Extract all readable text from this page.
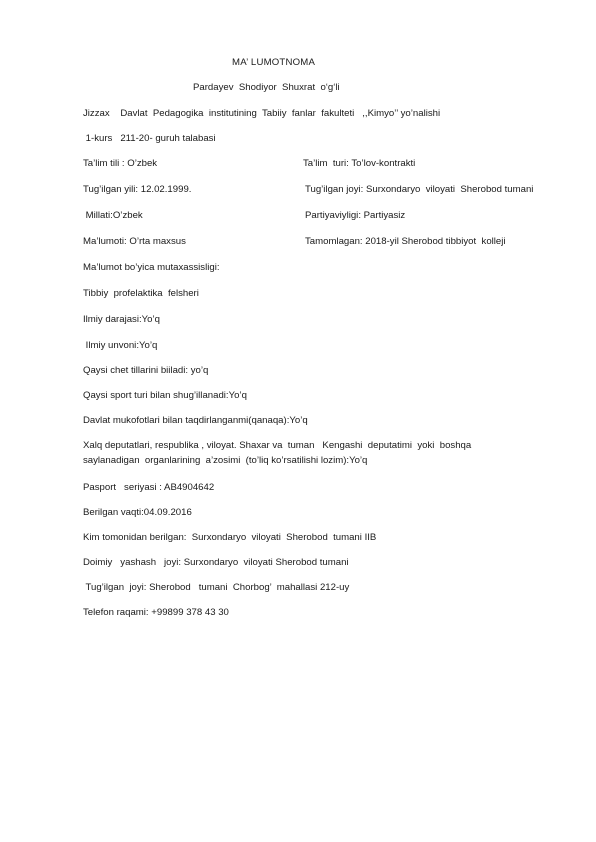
MA’ LUMOTNOMA
Pardayev  Shodiyor  Shuxrat  o‘g‘li
Jizzax    Davlat  Pedagogika  institutining  Tabiiy  fanlar  fakulteti   ,,Kimyo’’ yo’nalishi
1-kurs   211-20- guruh talabasi
Ta’lim tili : O’zbek	Ta’lim  turi: To’lov-kontrakti
Tug’ilgan yili: 12.02.1999.	Tug’ilgan joyi: Surxondaryo  viloyati  Sherobod tumani
Millati:O’zbek	Partiyaviyligi: Partiyasiz
Ma’lumoti: O’rta maxsus	Tamomlagan: 2018-yil Sherobod tibbiyot  kolleji
Ma’lumot bo’yica mutaxassisligi:
Tibbiy  profelaktika  felsheri
Ilmiy darajasi:Yo’q
Ilmiy unvoni:Yo’q
Qaysi chet tillarini biiladi: yo’q
Qaysi sport turi bilan shug’illanadi:Yo’q
Davlat mukofotlari bilan taqdirlanganmi(qanaqa):Yo’q
Xalq deputatlari, respublika , viloyat. Shaxar va  tuman   Kengashi  deputatimi  yoki  boshqa
saylanadigan  organlarining  a’zosimi  (to’liq ko’rsatilishi lozim):Yo’q
Pasport   seriyasi : AB4904642
Berilgan vaqti:04.09.2016
Kim tomonidan berilgan:  Surxondaryo  viloyati  Sherobod  tumani IIB
Doimiy   yashash   joyi: Surxondaryo  viloyati Sherobod tumani
Tug’ilgan  joyi: Sherobod   tumani  Chorbog’  mahallasi 212-uy
Telefon raqami: +99899 378 43 30
